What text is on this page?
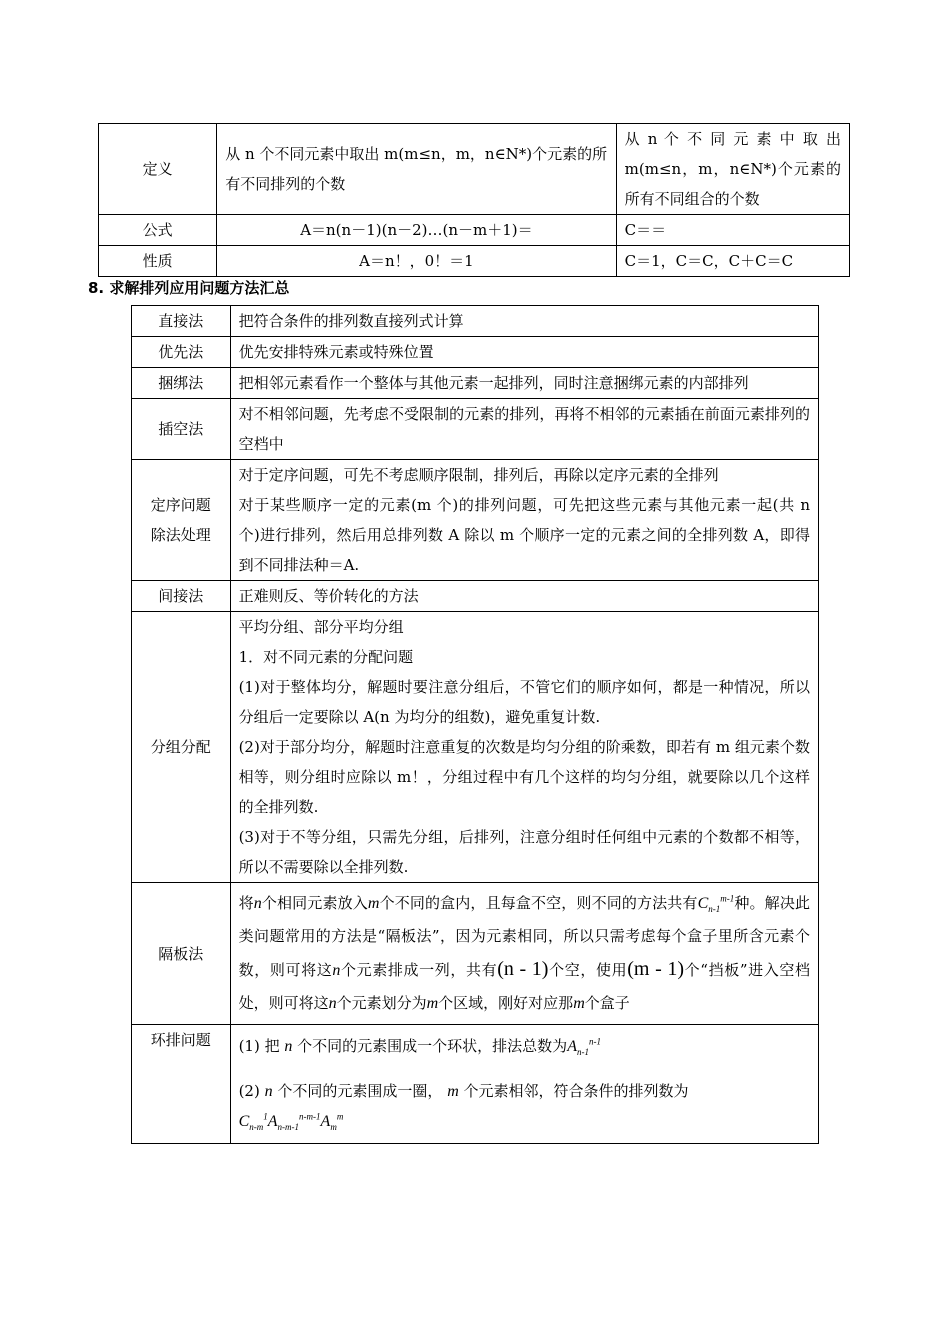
定义	从 n 个不同元素中取出 m(m≤n，m，n∈N*)个元素的所有不同排列的个数	从 n 个 不 同 元 素 中 取 出 m(m≤n，m，n∈N*)个元素的所有不同组合的个数
公式	A＝n(n－1)(n－2)…(n－m＋1)＝	C＝＝
性质	A＝n！，0！＝1	C＝1，C＝C，C＋C＝C
8. 求解排列应用问题方法汇总
直接法	把符合条件的排列数直接列式计算
优先法	优先安排特殊元素或特殊位置
捆绑法	把相邻元素看作一个整体与其他元素一起排列，同时注意捆绑元素的内部排列
插空法	对不相邻问题，先考虑不受限制的元素的排列，再将不相邻的元素插在前面元素排列的空档中

定序问题
除法处理	对于定序问题，可先不考虑顺序限制，排列后，再除以定序元素的全排列
对于某些顺序一定的元素(m 个)的排列问题，可先把这些元素与其他元素一起(共 n 个)进行排列，然后用总排列数 A 除以 m 个顺序一定的元素之间的全排列数 A，即得到不同排法种＝A.

间接法	正难则反、等价转化的方法
分组分配	平均分组、部分平均分组
1．对不同元素的分配问题
(1)对于整体均分，解题时要注意分组后，不管它们的顺序如何，都是一种情况，所以分组后一定要除以 A(n 为均分的组数)，避免重复计数.
(2)对于部分均分，解题时注意重复的次数是均匀分组的阶乘数，即若有 m 组元素个数相等，则分组时应除以 m！，分组过程中有几个这样的均匀分组，就要除以几个这样的全排列数.
(3)对于不等分组，只需先分组，后排列，注意分组时任何组中元素的个数都不相等，所以不需要除以全排列数.

隔板法	将n个相同元素放入m个不同的盒内，且每盒不空，则不同的方法共有$C_{n-1}^{m-1}$种。解决此类问题常用的方法是“隔板法”，因为元素相同，所以只需考虑每个盒子里所含元素个数，则可将这n个元素排成一列，共有(n - 1)个空，使用(m - 1)个“挡板”进入空档处，则可将这n个元素划分为m个区域，刚好对应那m个盒子
环排问题	(1) 把 n 个不同的元素围成一个环状，排法总数为$A_{n-1}^{n-1}$
(2) n 个不同的元素围成一圈， m 个元素相邻，符合条件的排列数为
$C_{n-m}^1A_{n-m-1}^{n-m-1}A_m^m$
